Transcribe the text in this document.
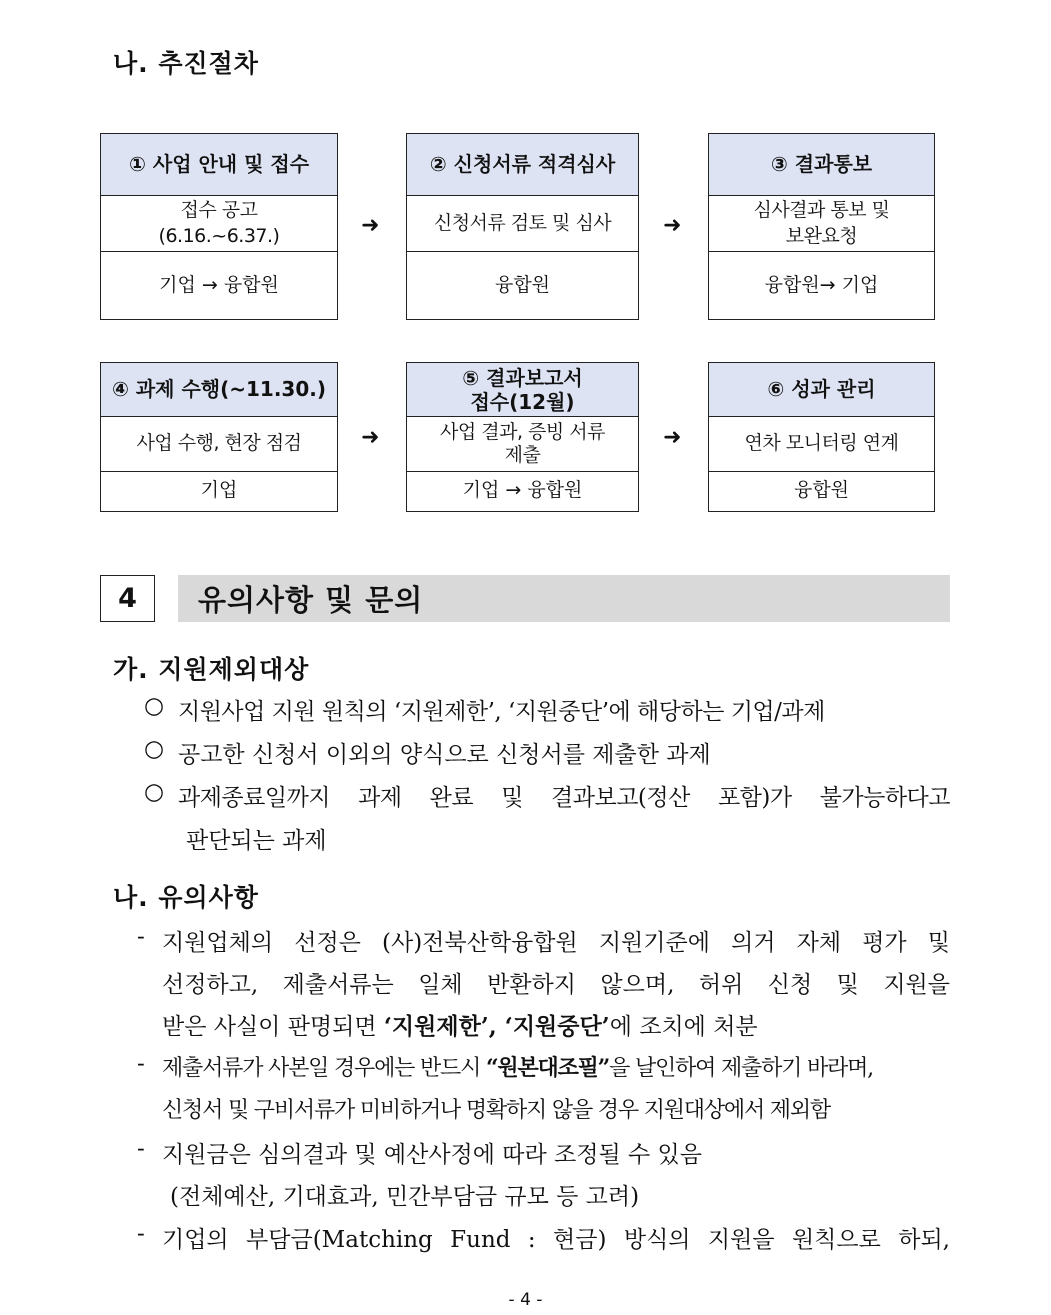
나. 추진절차
① 사업 안내 및 접수
접수 공고
(6.16.~6.37.)
기업 → 융합원
➜
② 신청서류 적격심사
신청서류 검토 및 심사
융합원
➜
③ 결과통보
심사결과 통보 및
보완요청
융합원→ 기업
④ 과제 수행(~11.30.)
사업 수행, 현장 점검
기업
➜
⑤ 결과보고서
접수(12월)
사업 결과, 증빙 서류
제출
기업 → 융합원
➜
⑥ 성과 관리
연차 모니터링 연계
융합원
4	유의사항 및 문의
가. 지원제외대상
○ 지원사업 지원 원칙의 ‘지원제한’, ‘지원중단’에 해당하는 기업/과제
○ 공고한 신청서 이외의 양식으로 신청서를 제출한 과제
○ 과제종료일까지 과제 완료 및 결과보고(정산 포함)가 불가능하다고
판단되는 과제
나. 유의사항
- 지원업체의 선정은 (사)전북산학융합원 지원기준에 의거 자체 평가 및
선정하고, 제출서류는 일체 반환하지 않으며, 허위 신청 및 지원을
받은 사실이 판명되면 ‘지원제한’, ‘지원중단’에 조치에 처분
- 제출서류가 사본일 경우에는 반드시 “원본대조필”을 날인하여 제출하기 바라며,
신청서 및 구비서류가 미비하거나 명확하지 않을 경우 지원대상에서 제외함
- 지원금은 심의결과 및 예산사정에 따라 조정될 수 있음
(전체예산, 기대효과, 민간부담금 규모 등 고려)
- 기업의 부담금(Matching Fund : 현금) 방식의 지원을 원칙으로 하되,
- 4 -
